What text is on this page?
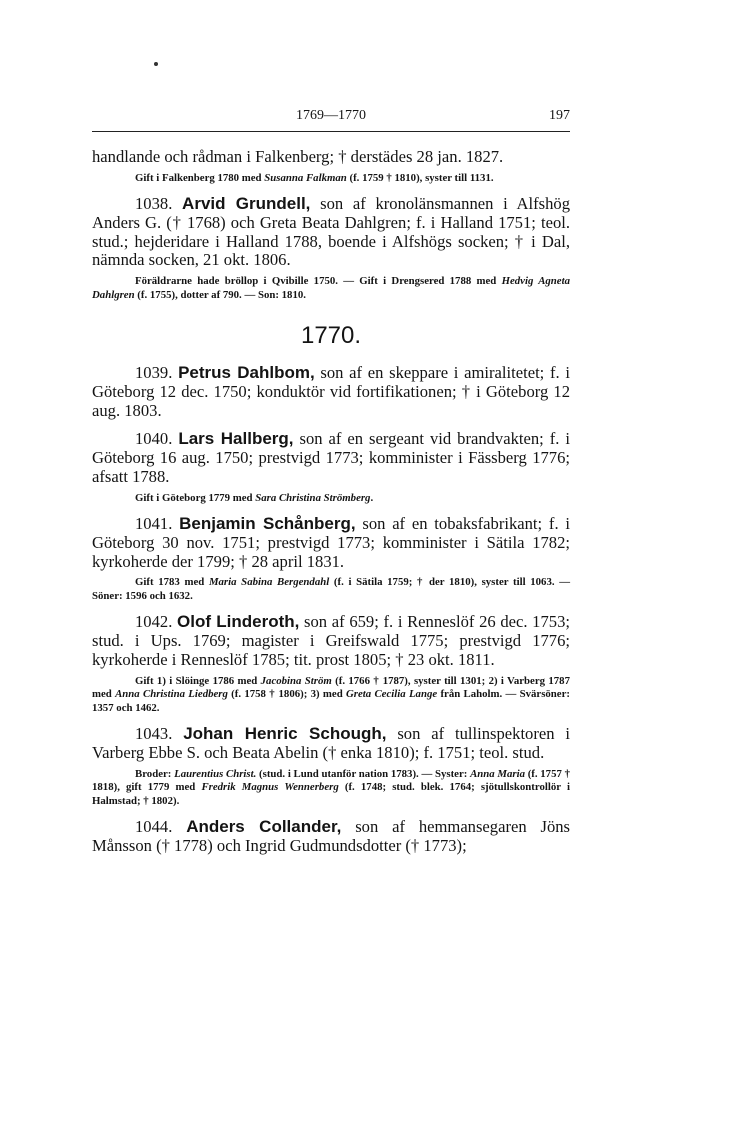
1769—1770	197

handlande och rådman i Falkenberg; † derstädes 28 jan. 1827.

Gift i Falkenberg 1780 med Susanna Falkman (f. 1759 † 1810), syster till 1131.

1038. Arvid Grundell, son af kronolänsmannen i Alfshög Anders G. († 1768) och Greta Beata Dahlgren; f. i Halland 1751; teol. stud.; hejderidare i Halland 1788, boende i Alfshögs socken; † i Dal, nämnda socken, 21 okt. 1806.

Föräldrarne hade bröllop i Qvibille 1750. — Gift i Drengsered 1788 med Hedvig Agneta Dahlgren (f. 1755), dotter af 790. — Son: 1810.
1770.

1039. Petrus Dahlbom, son af en skeppare i amiralitetet; f. i Göteborg 12 dec. 1750; konduktör vid fortifikationen; † i Göteborg 12 aug. 1803.

1040. Lars Hallberg, son af en sergeant vid brandvakten; f. i Göteborg 16 aug. 1750; prestvigd 1773; komminister i Fässberg 1776; afsatt 1788.

Gift i Göteborg 1779 med Sara Christina Strömberg.

1041. Benjamin Schånberg, son af en tobaksfabrikant; f. i Göteborg 30 nov. 1751; prestvigd 1773; komminister i Sätila 1782; kyrkoherde der 1799; † 28 april 1831.

Gift 1783 med Maria Sabina Bergendahl (f. i Sätila 1759; † der 1810), syster till 1063. — Söner: 1596 och 1632.

1042. Olof Linderoth, son af 659; f. i Renneslöf 26 dec. 1753; stud. i Ups. 1769; magister i Greifswald 1775; prestvigd 1776; kyrkoherde i Renneslöf 1785; tit. prost 1805; † 23 okt. 1811.

Gift 1) i Slöinge 1786 med Jacobina Ström (f. 1766 † 1787), syster till 1301; 2) i Varberg 1787 med Anna Christina Liedberg (f. 1758 † 1806); 3) med Greta Cecilia Lange från Laholm. — Svärsöner: 1357 och 1462.

1043. Johan Henric Schough, son af tullinspektoren i Varberg Ebbe S. och Beata Abelin († enka 1810); f. 1751; teol. stud.

Broder: Laurentius Christ. (stud. i Lund utanför nation 1783). — Syster: Anna Maria (f. 1757 † 1818), gift 1779 med Fredrik Magnus Wennerberg (f. 1748; stud. blek. 1764; sjötullskontrollör i Halmstad; † 1802).

1044. Anders Collander, son af hemmansegaren Jöns Månsson († 1778) och Ingrid Gudmundsdotter († 1773);
